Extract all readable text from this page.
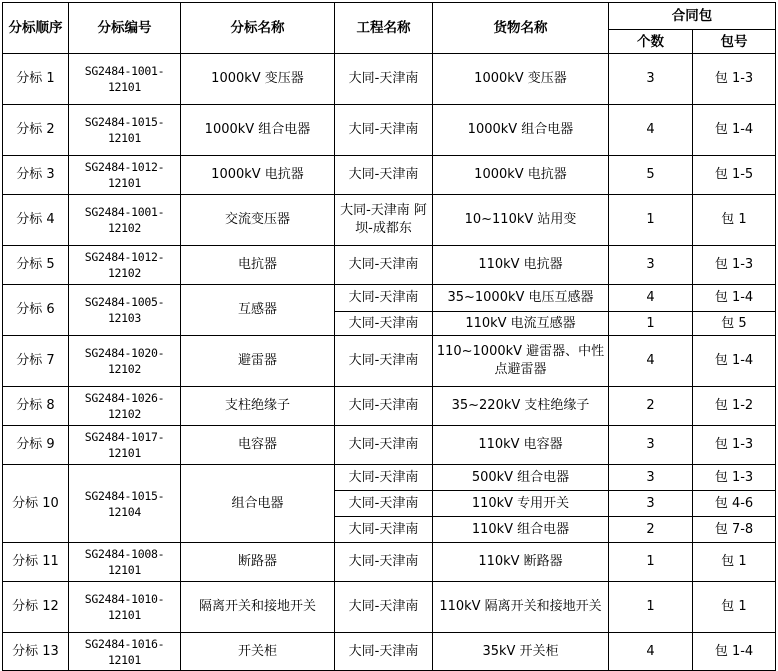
分标顺序	分标编号	分标名称	工程名称	货物名称	合同包	
					个数	包号
分标 1	SG2484-1001-12101	1000kV 变压器	大同-天津南	1000kV 变压器	3	包 1-3
分标 2	SG2484-1015-12101	1000kV 组合电器	大同-天津南	1000kV 组合电器	4	包 1-4
分标 3	SG2484-1012-12101	1000kV 电抗器	大同-天津南	1000kV 电抗器	5	包 1-5
分标 4	SG2484-1001-12102	交流变压器	大同-天津南 阿坝-成都东	10~110kV 站用变	1	包 1
分标 5	SG2484-1012-12102	电抗器	大同-天津南	110kV 电抗器	3	包 1-3
分标 6	SG2484-1005-12103	互感器	大同-天津南	35~1000kV 电压互感器	4	包 1-4
			大同-天津南	110kV 电流互感器	1	包 5
分标 7	SG2484-1020-12102	避雷器	大同-天津南	110~1000kV 避雷器、中性点避雷器	4	包 1-4
分标 8	SG2484-1026-12102	支柱绝缘子	大同-天津南	35~220kV 支柱绝缘子	2	包 1-2
分标 9	SG2484-1017-12101	电容器	大同-天津南	110kV 电容器	3	包 1-3
分标 10	SG2484-1015-12104	组合电器	大同-天津南	500kV 组合电器	3	包 1-3
			大同-天津南	110kV 专用开关	3	包 4-6
			大同-天津南	110kV 组合电器	2	包 7-8
分标 11	SG2484-1008-12101	断路器	大同-天津南	110kV 断路器	1	包 1
分标 12	SG2484-1010-12101	隔离开关和接地开关	大同-天津南	110kV 隔离开关和接地开关	1	包 1
分标 13	SG2484-1016-12101	开关柜	大同-天津南	35kV 开关柜	4	包 1-4
